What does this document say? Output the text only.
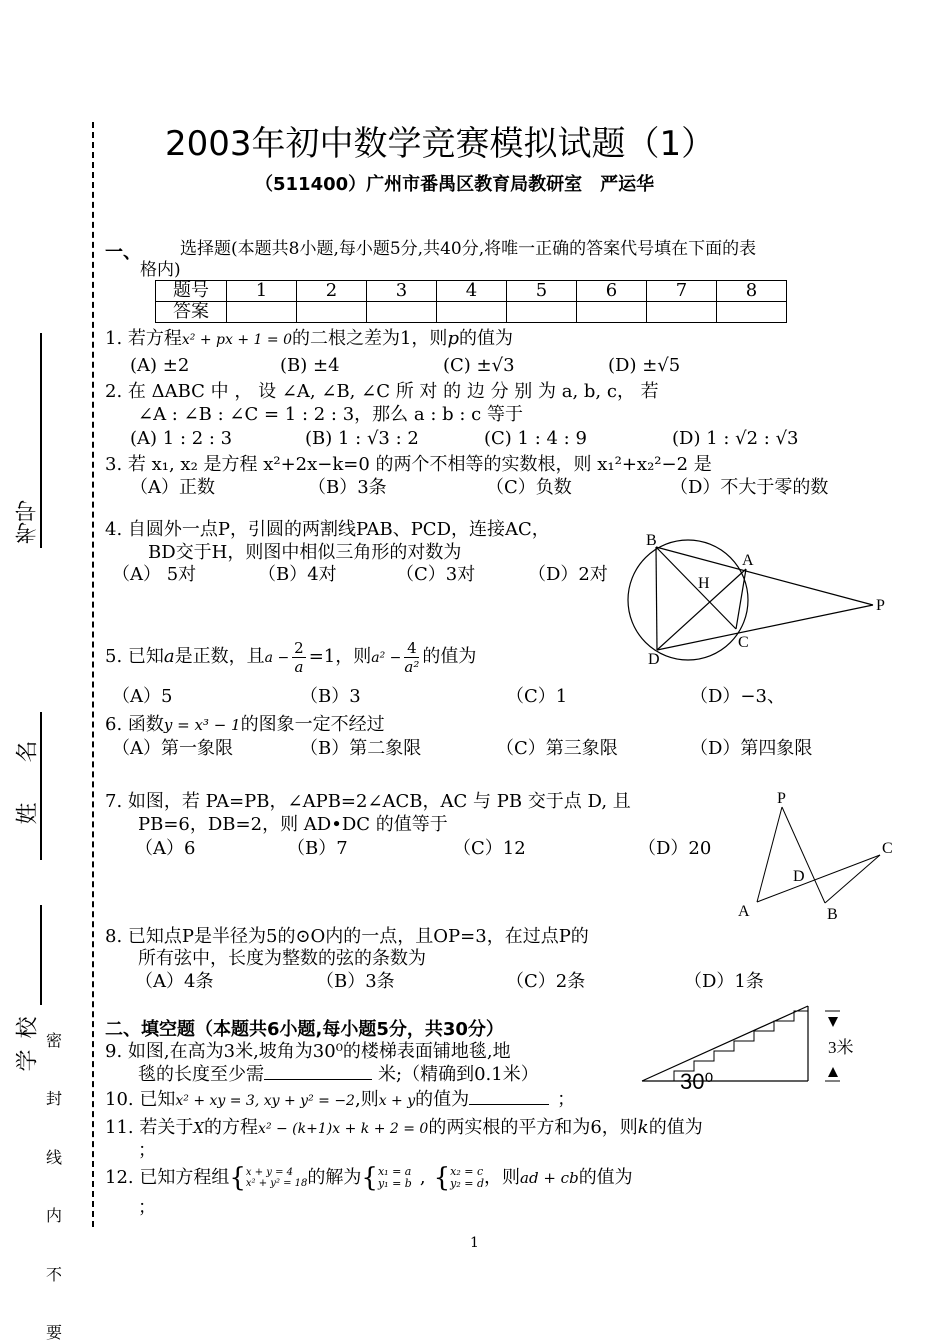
考号
姓
名
学
校
密
封
线
内
不
要
2003年初中数学竞赛模拟试题（1）
（511400）广州市番禺区教育局教研室　严运华
一、 选择题(本题共8小题,每小题5分,共40分,将唯一正确的答案代号填在下面的表
格内)
题号	1	2	3	4	5	6	7	8
答案								
1. 若方程x² + px + 1 = 0的二根之差为1，则p的值为
(A) ±2	(B) ±4	(C) ±√3	(D) ±√5
2. 在 ΔABC 中 ， 设 ∠A, ∠B, ∠C 所 对 的 边 分 别 为 a, b, c， 若
∠A : ∠B : ∠C = 1 : 2 : 3，那么 a : b : c 等于
(A) 1 : 2 : 3	(B) 1 : √3 : 2	(C) 1 : 4 : 9	(D) 1 : √2 : √3
3. 若 x₁, x₂ 是方程 x²+2x−k=0 的两个不相等的实数根，则 x₁²+x₂²−2 是
（A）正数	（B）3条	（C）负数	（D）不大于零的数
4. 自圆外一点P，引圆的两割线PAB、PCD，连接AC，
BD交于H，则图中相似三角形的对数为
（A） 5对	（B）4对	（C）3对	（D）2对
B
A
H
P
C
D
5. 已知a是正数，且$a - \frac{2}{a} =1$，则$a^2 - \frac{4}{\text{a²}}$ 的值为
（A）5	（B）3	（C）1	（D）−3、
6. 函数y = x³ − 1的图象一定不经过
（A）第一象限	（B）第二象限	（C）第三象限	（D）第四象限
7. 如图，若 PA=PB，∠APB=2∠ACB，AC 与 PB 交于点 D, 且
PB=6，DB=2，则 AD•DC 的值等于
（A）6	（B）7	（C）12	（D）20
P
C
D
A	B
8. 已知点P是半径为5的⊙O内的一点，且OP=3，在过点P的
所有弦中，长度为整数的弦的条数为
（A）4条	（B）3条	（C）2条	（D）1条
二、填空题（本题共6小题,每小题5分，共30分）
9. 如图,在高为3米,坡角为30⁰的楼梯表面铺地毯,地
毯的长度至少需	米;（精确到0.1米）
3米
30⁰
10. 已知x² + xy = 3, xy + y² = −2,则x + y的值为	；
11. 若关于X的方程x² − (k+1)x + k + 2 = 0的两实根的平方和为6，则k的值为
；
12. 已知方程组 { x + y = 4
x² + y² = 18 的解为 { x₁ = a
y₁ = b , { x₂ = c
y₂ = d ，则ad + cb的值为
；
1
